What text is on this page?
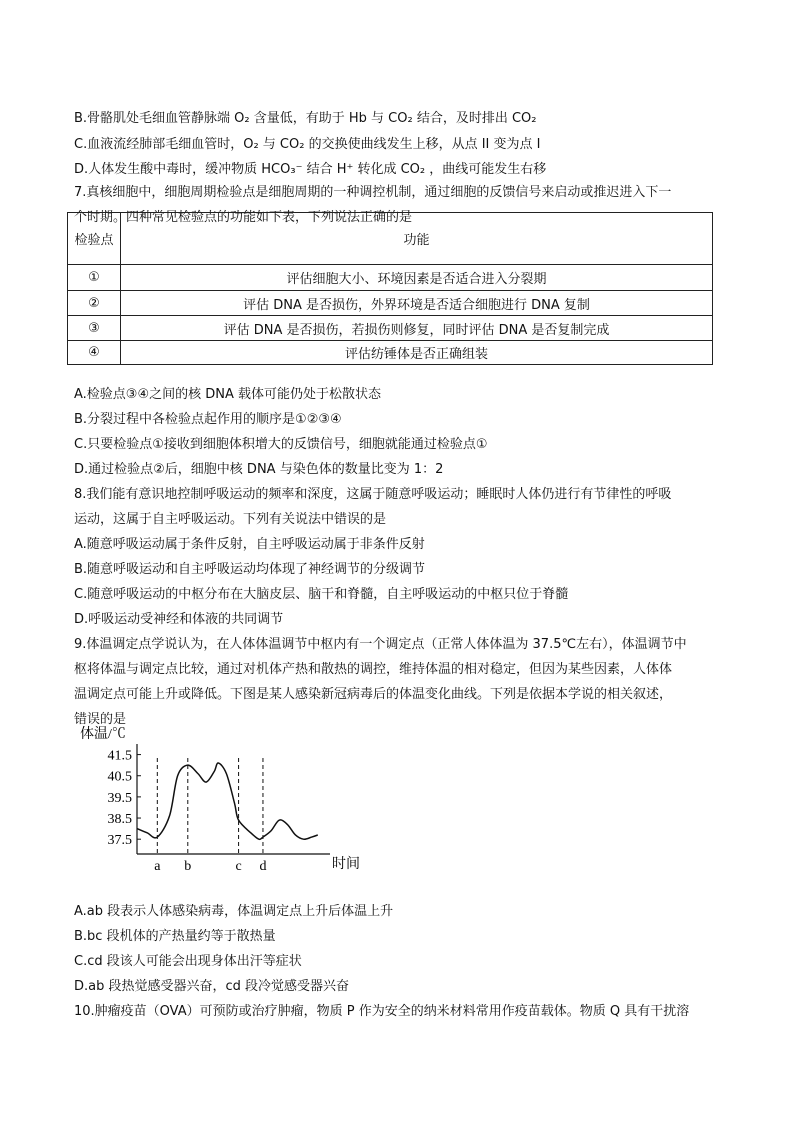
B.骨骼肌处毛细血管静脉端 O₂ 含量低，有助于 Hb 与 CO₂ 结合，及时排出 CO₂
C.血液流经肺部毛细血管时，O₂ 与 CO₂ 的交换使曲线发生上移，从点 II 变为点 I
D.人体发生酸中毒时，缓冲物质 HCO₃⁻ 结合 H⁺ 转化成 CO₂ ，曲线可能发生右移
7.真核细胞中，细胞周期检验点是细胞周期的一种调控机制，通过细胞的反馈信号来启动或推迟进入下一
个时期。四种常见检验点的功能如下表，下列说法正确的是
检验点	功能
①	评估细胞大小、环境因素是否适合进入分裂期
②	评估 DNA 是否损伤，外界环境是否适合细胞进行 DNA 复制
③	评估 DNA 是否损伤，若损伤则修复，同时评估 DNA 是否复制完成
④	评估纺锤体是否正确组装
A.检验点③④之间的核 DNA 载体可能仍处于松散状态
B.分裂过程中各检验点起作用的顺序是①②③④
C.只要检验点①接收到细胞体积增大的反馈信号，细胞就能通过检验点①
D.通过检验点②后，细胞中核 DNA 与染色体的数量比变为 1：2
8.我们能有意识地控制呼吸运动的频率和深度，这属于随意呼吸运动；睡眠时人体仍进行有节律性的呼吸
运动，这属于自主呼吸运动。下列有关说法中错误的是
A.随意呼吸运动属于条件反射，自主呼吸运动属于非条件反射
B.随意呼吸运动和自主呼吸运动均体现了神经调节的分级调节
C.随意呼吸运动的中枢分布在大脑皮层、脑干和脊髓，自主呼吸运动的中枢只位于脊髓
D.呼吸运动受神经和体液的共同调节
9.体温调定点学说认为，在人体体温调节中枢内有一个调定点（正常人体体温为 37.5℃左右），体温调节中
枢将体温与调定点比较，通过对机体产热和散热的调控，维持体温的相对稳定，但因为某些因素，人体体
温调定点可能上升或降低。下图是某人感染新冠病毒后的体温变化曲线。下列是依据本学说的相关叙述，
错误的是
体温/℃
时间
41.5
40.5
39.5
38.5
37.5
a b	c d
A.ab 段表示人体感染病毒，体温调定点上升后体温上升
B.bc 段机体的产热量约等于散热量
C.cd 段该人可能会出现身体出汗等症状
D.ab 段热觉感受器兴奋，cd 段冷觉感受器兴奋
10.肿瘤疫苗（OVA）可预防或治疗肿瘤，物质 P 作为安全的纳米材料常用作疫苗载体。物质 Q 具有干扰溶
